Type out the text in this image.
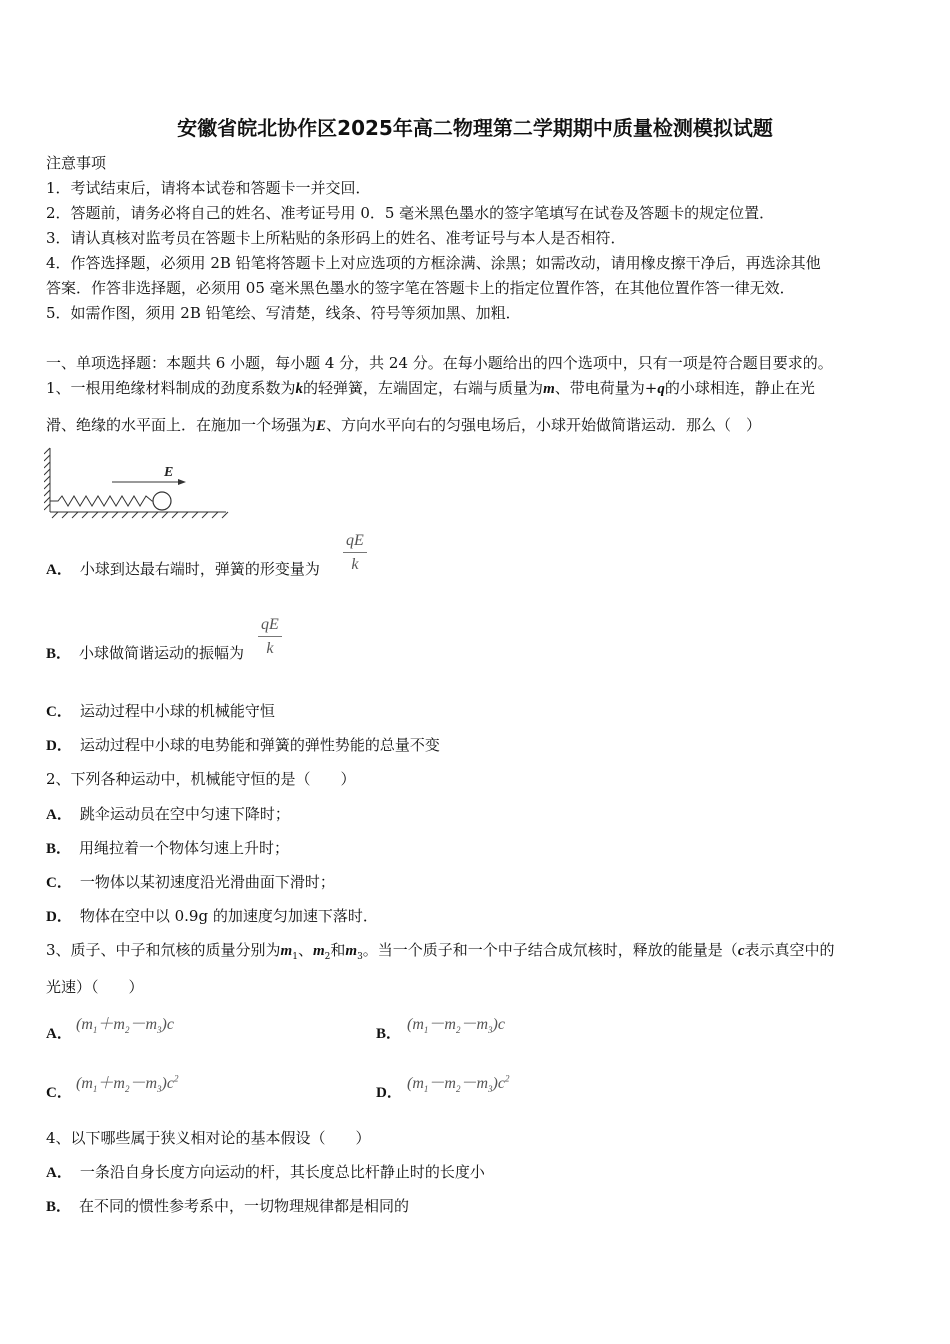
安徽省皖北协作区2025年高二物理第二学期期中质量检测模拟试题
注意事项
1．考试结束后，请将本试卷和答题卡一并交回．
2．答题前，请务必将自己的姓名、准考证号用 0．5 毫米黑色墨水的签字笔填写在试卷及答题卡的规定位置．
3．请认真核对监考员在答题卡上所粘贴的条形码上的姓名、准考证号与本人是否相符．
4．作答选择题，必须用 2B 铅笔将答题卡上对应选项的方框涂满、涂黑；如需改动，请用橡皮擦干净后，再选涂其他
答案．作答非选择题，必须用 05 毫米黑色墨水的签字笔在答题卡上的指定位置作答，在其他位置作答一律无效．
5．如需作图，须用 2B 铅笔绘、写清楚，线条、符号等须加黑、加粗．
一、单项选择题：本题共 6 小题，每小题 4 分，共 24 分。在每小题给出的四个选项中，只有一项是符合题目要求的。
1、一根用绝缘材料制成的劲度系数为k的轻弹簧，左端固定，右端与质量为m、带电荷量为+q的小球相连，静止在光
滑、绝缘的水平面上．在施加一个场强为E、方向水平向右的匀强电场后，小球开始做简谐运动．那么（　）
E
A． 小球到达最右端时，弹簧的形变量为 $\frac{qE}{k}$
B． 小球做简谐运动的振幅为 $\frac{qE}{k}$
C． 运动过程中小球的机械能守恒
D． 运动过程中小球的电势能和弹簧的弹性势能的总量不变
2、下列各种运动中，机械能守恒的是（　　）
A． 跳伞运动员在空中匀速下降时；
B． 用绳拉着一个物体匀速上升时；
C． 一物体以某初速度沿光滑曲面下滑时；
D． 物体在空中以 0.9g 的加速度匀加速下落时．
3、质子、中子和氘核的质量分别为$m_1$、$m_2$和$m_3$。当一个质子和一个中子结合成氘核时，释放的能量是（c表示真空中的
光速）（　　）
A．
$(m_1+m_2-m_3)c$
B．
$(m_1-m_2-m_3)c$
C．
$(m_1+m_2-m_3)c^2$
D．
$(m_1-m_2-m_3)c^2$
4、以下哪些属于狭义相对论的基本假设（　　）
A． 一条沿自身长度方向运动的杆，其长度总比杆静止时的长度小
B． 在不同的惯性参考系中，一切物理规律都是相同的
